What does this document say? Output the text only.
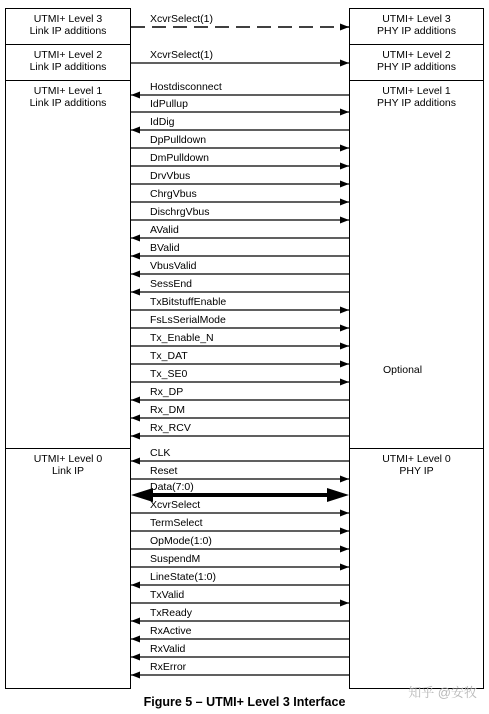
UTMI+ Level 3
Link IP additions
UTMI+ Level 2
Link IP additions
UTMI+ Level 1
Link IP additions
UTMI+ Level 0
Link IP
UTMI+ Level 3
PHY IP additions
UTMI+ Level 2
PHY IP additions
UTMI+ Level 1
PHY IP additions
UTMI+ Level 0
PHY IP
XcvrSelect(1)
XcvrSelect(1)
Hostdisconnect
IdPullup
IdDig
DpPulldown
DmPulldown
DrvVbus
ChrgVbus
DischrgVbus
AValid
BValid
VbusValid
SessEnd
TxBitstuffEnable
FsLsSerialMode
Tx_Enable_N
Tx_DAT
Tx_SE0
Rx_DP
Rx_DM
Rx_RCV
CLK
Reset
Data(7:0)
XcvrSelect
TermSelect
OpMode(1:0)
SuspendM
LineState(1:0)
TxValid
TxReady
RxActive
RxValid
RxError
Optional
Figure 5 – UTMI+ Level 3 Interface
知乎 @安牧
